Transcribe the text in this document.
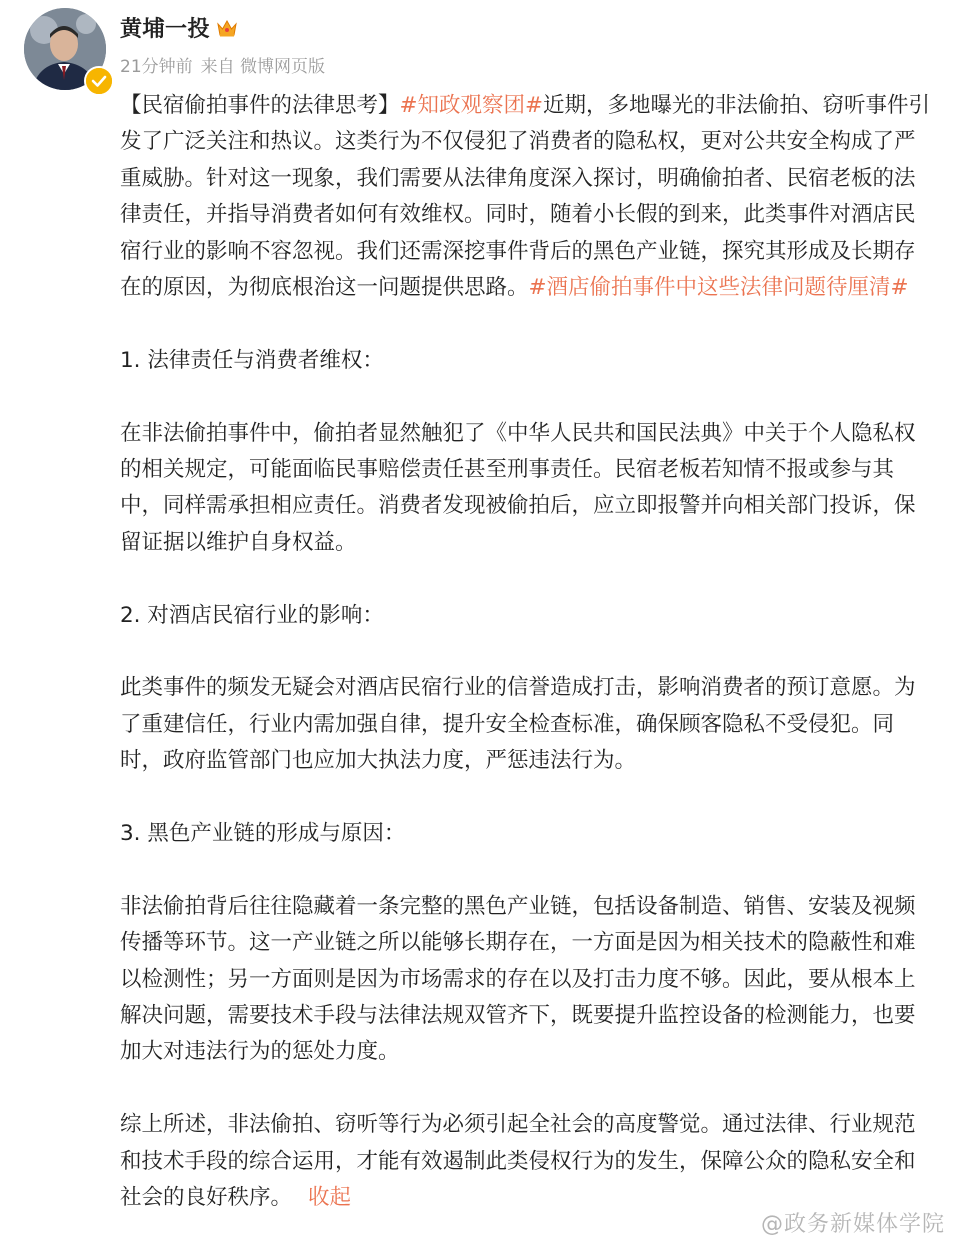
黄埔一投
21分钟前 来自 微博网页版

【民宿偷拍事件的法律思考】#知政观察团#近期，多地曝光的非法偷拍、窃听事件引发了广泛关注和热议。这类行为不仅侵犯了消费者的隐私权，更对公共安全构成了严重威胁。针对这一现象，我们需要从法律角度深入探讨，明确偷拍者、民宿老板的法律责任，并指导消费者如何有效维权。同时，随着小长假的到来，此类事件对酒店民宿行业的影响不容忽视。我们还需深挖事件背后的黑色产业链，探究其形成及长期存在的原因，为彻底根治这一问题提供思路。#酒店偷拍事件中这些法律问题待厘清#

1. 法律责任与消费者维权：

在非法偷拍事件中，偷拍者显然触犯了《中华人民共和国民法典》中关于个人隐私权的相关规定，可能面临民事赔偿责任甚至刑事责任。民宿老板若知情不报或参与其中，同样需承担相应责任。消费者发现被偷拍后，应立即报警并向相关部门投诉，保留证据以维护自身权益。

2. 对酒店民宿行业的影响：

此类事件的频发无疑会对酒店民宿行业的信誉造成打击，影响消费者的预订意愿。为了重建信任，行业内需加强自律，提升安全检查标准，确保顾客隐私不受侵犯。同时，政府监管部门也应加大执法力度，严惩违法行为。

3. 黑色产业链的形成与原因：

非法偷拍背后往往隐藏着一条完整的黑色产业链，包括设备制造、销售、安装及视频传播等环节。这一产业链之所以能够长期存在，一方面是因为相关技术的隐蔽性和难以检测性；另一方面则是因为市场需求的存在以及打击力度不够。因此，要从根本上解决问题，需要技术手段与法律法规双管齐下，既要提升监控设备的检测能力，也要加大对违法行为的惩处力度。

综上所述，非法偷拍、窃听等行为必须引起全社会的高度警觉。通过法律、行业规范和技术手段的综合运用，才能有效遏制此类侵权行为的发生，保障公众的隐私安全和社会的良好秩序。 收起

@政务新媒体学院
